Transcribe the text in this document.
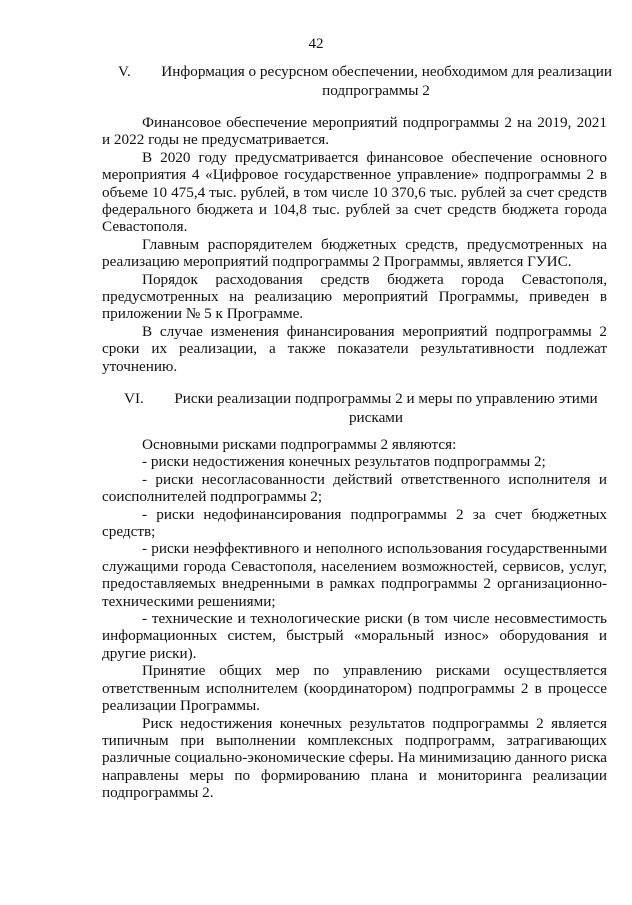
42
V.	Информация о ресурсном обеспечении, необходимом для реализации
подпрограммы 2

Финансовое обеспечение мероприятий подпрограммы 2 на 2019, 2021 и 2022 годы не предусматривается.

В 2020 году предусматривается финансовое обеспечение основного мероприятия 4 «Цифровое государственное управление» подпрограммы 2 в объеме 10 475,4 тыс. рублей, в том числе 10 370,6 тыс. рублей за счет средств федерального бюджета и 104,8 тыс. рублей за счет средств бюджета города Севастополя.

Главным распорядителем бюджетных средств, предусмотренных на реализацию мероприятий подпрограммы 2 Программы, является ГУИС.

Порядок расходования средств бюджета города Севастополя, предусмотренных на реализацию мероприятий Программы, приведен в приложении № 5 к Программе.

В случае изменения финансирования мероприятий подпрограммы 2 сроки их реализации, а также показатели результативности подлежат уточнению.

VI.	Риски реализации подпрограммы 2 и меры по управлению этими
рисками

Основными рисками подпрограммы 2 являются:

- риски недостижения конечных результатов подпрограммы 2;

- риски несогласованности действий ответственного исполнителя и соисполнителей подпрограммы 2;

- риски недофинансирования подпрограммы 2 за счет бюджетных средств;

- риски неэффективного и неполного использования государственными служащими города Севастополя, населением возможностей, сервисов, услуг, предоставляемых внедренными в рамках подпрограммы 2 организационно-техническими решениями;

- технические и технологические риски (в том числе несовместимость информационных систем, быстрый «моральный износ» оборудования и другие риски).

Принятие общих мер по управлению рисками осуществляется ответственным исполнителем (координатором) подпрограммы 2 в процессе реализации Программы.

Риск недостижения конечных результатов подпрограммы 2 является типичным при выполнении комплексных подпрограмм, затрагивающих различные социально-экономические сферы. На минимизацию данного риска направлены меры по формированию плана и мониторинга реализации подпрограммы 2.
